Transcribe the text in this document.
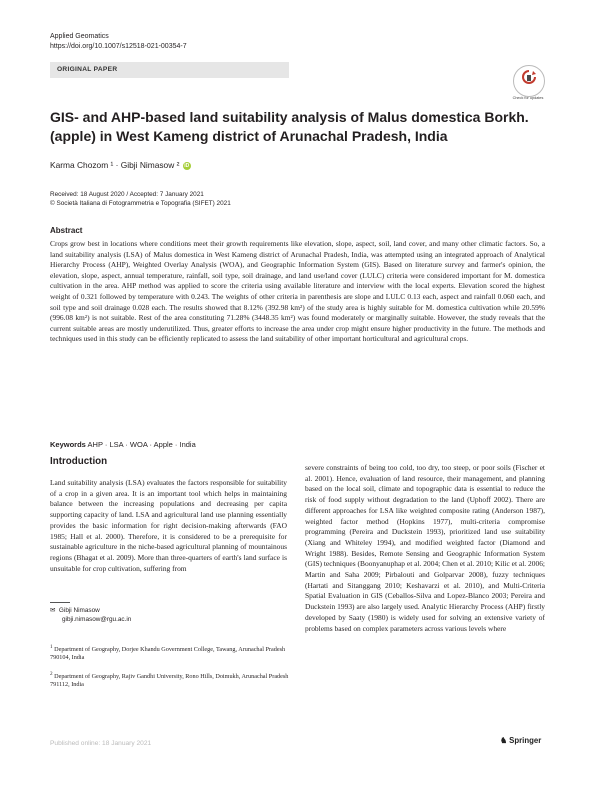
Applied Geomatics
https://doi.org/10.1007/s12518-021-00354-7
ORIGINAL PAPER
Check for updates
GIS- and AHP-based land suitability analysis of Malus domestica Borkh. (apple) in West Kameng district of Arunachal Pradesh, India
Karma Chozom ¹ · Gibji Nimasow ² iD
Received: 18 August 2020 / Accepted: 7 January 2021
© Società Italiana di Fotogrammetria e Topografia (SIFET) 2021
Abstract
Crops grow best in locations where conditions meet their growth requirements like elevation, slope, aspect, soil, land cover, and many other climatic factors. So, a land suitability analysis (LSA) of Malus domestica in West Kameng district of Arunachal Pradesh, India, was attempted using an integrated approach of Analytical Hierarchy Process (AHP), Weighted Overlay Analysis (WOA), and Geographic Information System (GIS). Based on literature survey and farmer's opinion, the elevation, slope, aspect, annual temperature, rainfall, soil type, soil drainage, and land use/land cover (LULC) criteria were considered important for M. domestica cultivation in the area. AHP method was applied to score the criteria using available literature and interview with the local experts. Elevation scored the highest weight of 0.321 followed by temperature with 0.243. The weights of other criteria in parenthesis are slope and LULC 0.13 each, aspect and rainfall 0.060 each, and soil type and soil drainage 0.028 each. The results showed that 8.12% (392.98 km²) of the study area is highly suitable for M. domestica cultivation while 20.59% (996.08 km²) is not suitable. Rest of the area constituting 71.28% (3448.35 km²) was found moderately or marginally suitable. However, the study reveals that the current suitable areas are mostly underutilized. Thus, greater efforts to increase the area under crop might ensure higher productivity in the future. The methods and techniques used in this study can be efficiently replicated to assess the land suitability of other important horticultural and agricultural crops.
Keywords AHP · LSA · WOA · Apple · India
Introduction
Land suitability analysis (LSA) evaluates the factors responsible for suitability of a crop in a given area. It is an important tool which helps in maintaining balance between the increasing populations and decreasing per capita supporting capacity of land. LSA and agricultural land use planning essentially provides the basic information for right decision-making afterwards (FAO 1985; Hall et al. 2000). Therefore, it is considered to be a prerequisite for sustainable agriculture in the niche-based agricultural planning of mountainous regions (Bhagat et al. 2009). More than three-quarters of earth's land surface is unsuitable for crop cultivation, suffering from
severe constraints of being too cold, too dry, too steep, or poor soils (Fischer et al. 2001). Hence, evaluation of land resource, their management, and planning based on the local soil, climate and topographic data is essential to reduce the risk of food supply without degradation to the land (Uphoff 2002). There are different approaches for LSA like weighted composite rating (Anderson 1987), weighted factor method (Hopkins 1977), multi-criteria compromise programming (Pereira and Duckstein 1993), prioritized land use suitability (Xiang and Whiteley 1994), and modified weighted factor (Diamond and Wright 1988). Besides, Remote Sensing and Geographic Information System (GIS) techniques (Boonyanuphap et al. 2004; Chen et al. 2010; Kilic et al. 2006; Martin and Saha 2009; Pirbalouti and Golparvar 2008), fuzzy techniques (Hartati and Sitanggang 2010; Keshavarzi et al. 2010), and Multi-Criteria Spatial Evaluation in GIS (Ceballos-Silva and Lopez-Blanco 2003; Pereira and Duckstein 1993) are also largely used. Analytic Hierarchy Process (AHP) firstly developed by Saaty (1980) is widely used for solving an extensive variety of problems based on complex parameters across various levels where
✉ Gibji Nimasow
gibji.nimasow@rgu.ac.in
$^1$ Department of Geography, Dorjee Khandu Government College, Tawang, Arunachal Pradesh 790104, India
$^2$ Department of Geography, Rajiv Gandhi University, Rono Hills, Doimukh, Arunachal Pradesh 791112, India
Published online: 18 January 2021	♞ Springer
